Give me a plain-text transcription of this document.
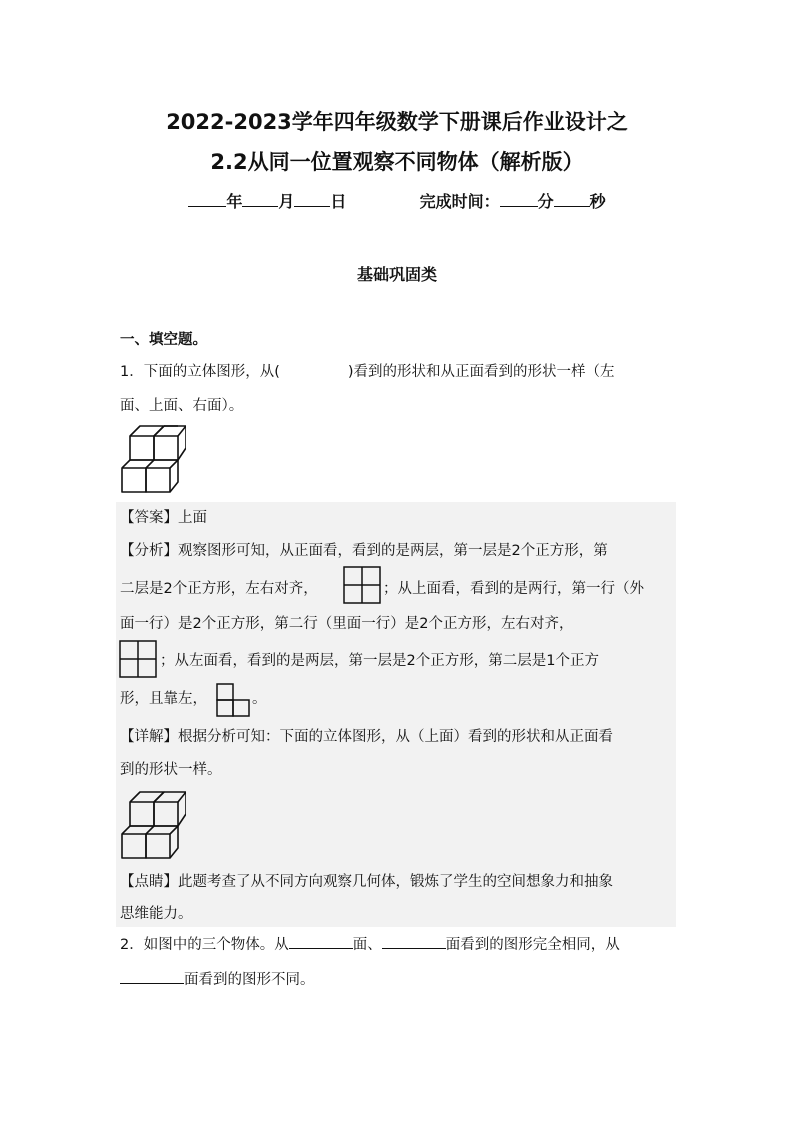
2022-2023学年四年级数学下册课后作业设计之
2.2从同一位置观察不同物体（解析版）
年 月 日	完成时间： 分 秒
基础巩固类
一、填空题。
1．下面的立体图形，从(	)看到的形状和从正面看到的形状一样（左
面、上面、右面）。
【答案】上面
【分析】观察图形可知，从正面看，看到的是两层，第一层是2个正方形，第
二层是2个正方形，左右对齐，	；从上面看，看到的是两行，第一行（外
面一行）是2个正方形，第二行（里面一行）是2个正方形，左右对齐，
；从左面看，看到的是两层，第一层是2个正方形，第二层是1个正方
形，且靠左，	。
【详解】根据分析可知：下面的立体图形，从（上面）看到的形状和从正面看
到的形状一样。
【点睛】此题考查了从不同方向观察几何体，锻炼了学生的空间想象力和抽象
思维能力。
2．如图中的三个物体。从	面、	面看到的图形完全相同，从
面看到的图形不同。
